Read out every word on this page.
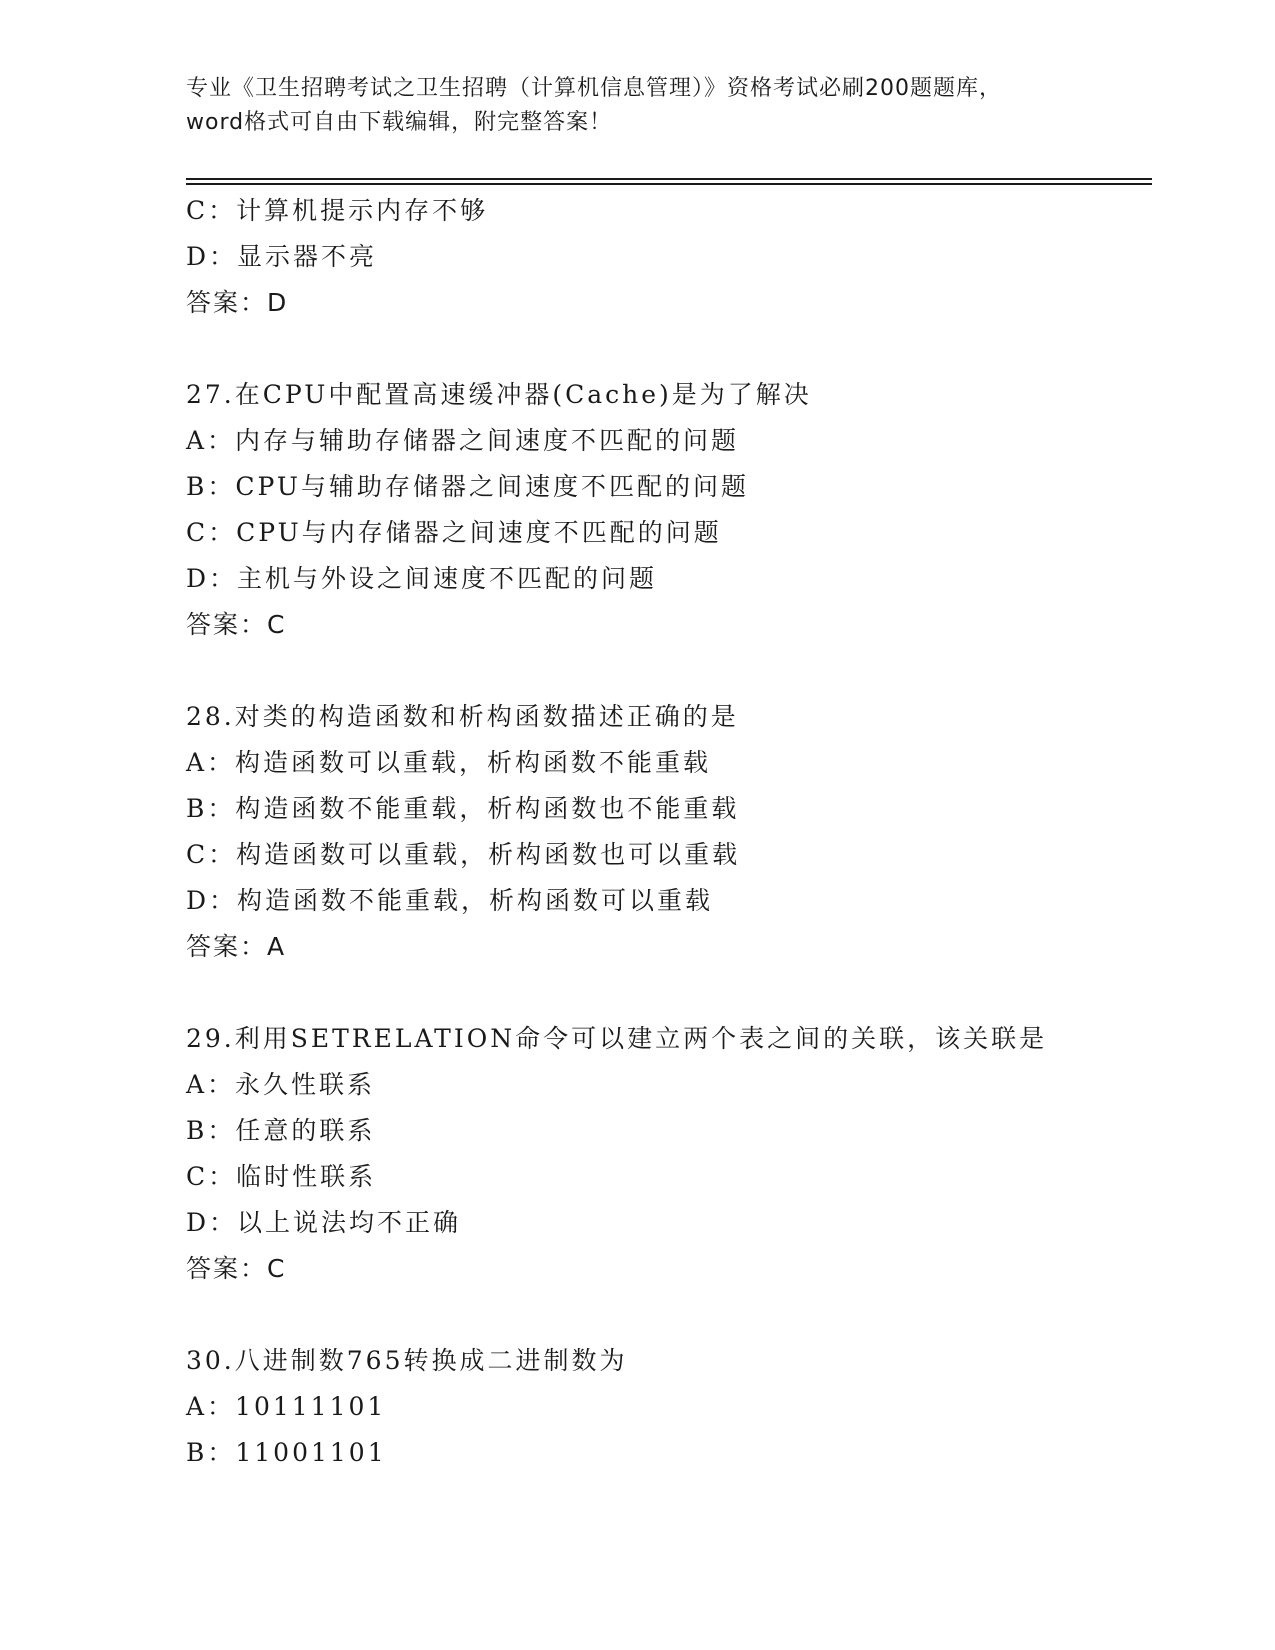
专业《卫生招聘考试之卫生招聘（计算机信息管理）》资格考试必刷200题题库，
word格式可自由下载编辑，附完整答案！
C：计算机提示内存不够
D：显示器不亮
答案：D
27.在CPU中配置高速缓冲器(Cache)是为了解决
A：内存与辅助存储器之间速度不匹配的问题
B：CPU与辅助存储器之间速度不匹配的问题
C：CPU与内存储器之间速度不匹配的问题
D：主机与外设之间速度不匹配的问题
答案：C
28.对类的构造函数和析构函数描述正确的是
A：构造函数可以重载，析构函数不能重载
B：构造函数不能重载，析构函数也不能重载
C：构造函数可以重载，析构函数也可以重载
D：构造函数不能重载，析构函数可以重载
答案：A
29.利用SETRELATION命令可以建立两个表之间的关联，该关联是
A：永久性联系
B：任意的联系
C：临时性联系
D：以上说法均不正确
答案：C
30.八进制数765转换成二进制数为
A：10111101
B：11001101
